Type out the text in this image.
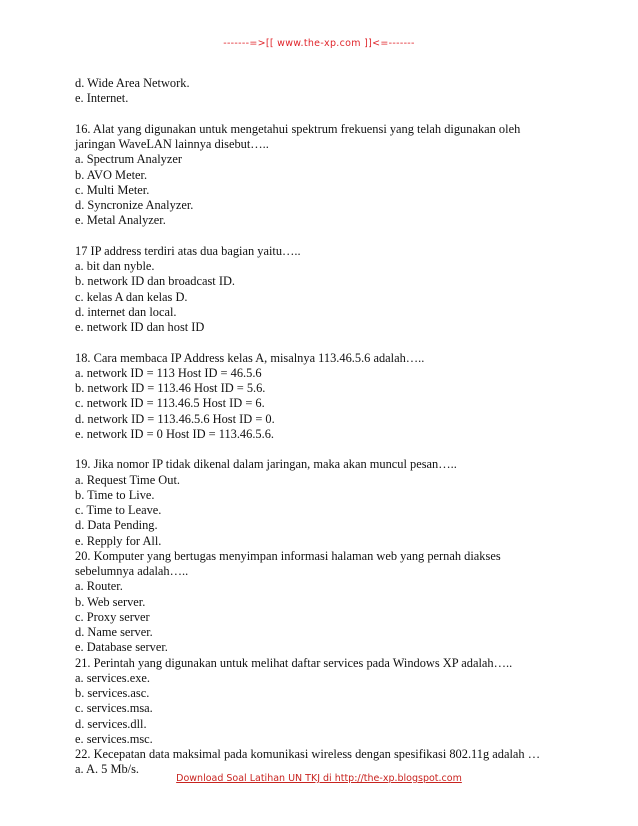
-------=>[[ www.the-xp.com ]]<=-------
d. Wide Area Network.
e. Internet.
16. Alat yang digunakan untuk mengetahui spektrum frekuensi yang telah digunakan oleh
jaringan WaveLAN lainnya disebut…..
a. Spectrum Analyzer
b. AVO Meter.
c. Multi Meter.
d. Syncronize Analyzer.
e. Metal Analyzer.
17 IP address terdiri atas dua bagian yaitu…..
a. bit dan nyble.
b. network ID dan broadcast ID.
c. kelas A dan kelas D.
d. internet dan local.
e. network ID dan host ID
18. Cara membaca IP Address kelas A, misalnya 113.46.5.6 adalah…..
a. network ID = 113 Host ID = 46.5.6
b. network ID = 113.46 Host ID = 5.6.
c. network ID = 113.46.5 Host ID = 6.
d. network ID = 113.46.5.6 Host ID = 0.
e. network ID = 0 Host ID = 113.46.5.6.
19. Jika nomor IP tidak dikenal dalam jaringan, maka akan muncul pesan…..
a. Request Time Out.
b. Time to Live.
c. Time to Leave.
d. Data Pending.
e. Repply for All.
20. Komputer yang bertugas menyimpan informasi halaman web yang pernah diakses
sebelumnya adalah…..
a. Router.
b. Web server.
c. Proxy server
d. Name server.
e. Database server.
21. Perintah yang digunakan untuk melihat daftar services pada Windows XP adalah…..
a. services.exe.
b. services.asc.
c. services.msa.
d. services.dll.
e. services.msc.
22. Kecepatan data maksimal pada komunikasi wireless dengan spesifikasi 802.11g adalah …
a. A. 5 Mb/s.
Download Soal Latihan UN TKJ di http://the-xp.blogspot.com
